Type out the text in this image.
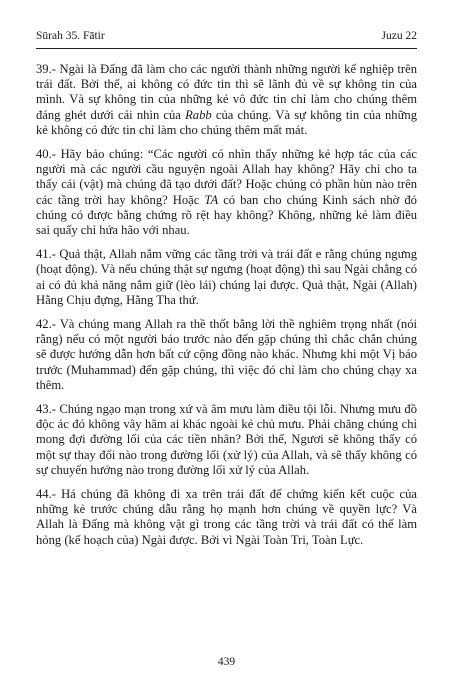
Sūrah 35. Fātir	Juzu 22

39.- Ngài là Đấng đã làm cho các người thành những người kế nghiệp trên trái đất. Bởi thế, ai không có đức tin thì sẽ lãnh đủ về sự không tin của mình. Và sự không tin của những kẻ vô đức tin chỉ làm cho chúng thêm đáng ghét dưới cái nhìn của Rabb của chúng. Và sự không tin của những kẻ không có đức tin chỉ làm cho chúng thêm mất mát.

40.- Hãy bảo chúng: “Các người có nhìn thấy những kẻ hợp tác của các người mà các người cầu nguyện ngoài Allah hay không? Hãy chỉ cho ta thấy cái (vật) mà chúng đã tạo dưới đất? Hoặc chúng có phần hùn nào trên các tầng trời hay không? Hoặc TA có ban cho chúng Kinh sách nhờ đó chúng có được bằng chứng rõ rệt hay không? Không, những kẻ làm điều sai quấy chỉ hứa hão với nhau.

41.- Quả thật, Allah nắm vững các tầng trời và trái đất e rằng chúng ngưng (hoạt động). Và nếu chúng thật sự ngưng (hoạt động) thì sau Ngài chẳng có ai có đủ khả năng nắm giữ (lèo lái) chúng lại được. Quả thật, Ngài (Allah) Hằng Chịu đựng, Hằng Tha thứ.

42.- Và chúng mang Allah ra thề thốt bằng lời thề nghiêm trọng nhất (nói rằng) nếu có một người báo trước nào đến gặp chúng thì chắc chắn chúng sẽ được hướng dẫn hơn bất cứ cộng đồng nào khác. Nhưng khi một Vị báo trước (Muhammad) đến gặp chúng, thì việc đó chỉ làm cho chúng chạy xa thêm.

43.- Chúng ngạo mạn trong xứ và âm mưu làm điều tội lỗi. Nhưng mưu đồ độc ác đó không vây hãm ai khác ngoài kẻ chủ mưu. Phải chăng chúng chỉ mong đợi đường lối của các tiền nhân? Bởi thế, Ngươi sẽ không thấy có một sự thay đổi nào trong đường lối (xử lý) của Allah, và sẽ thấy không có sự chuyển hướng nào trong đường lối xử lý của Allah.

44.- Há chúng đã không đi xa trên trái đất để chứng kiến kết cuộc của những kẻ trước chúng dẫu rằng họ mạnh hơn chúng về quyền lực? Và Allah là Đấng mà không vật gì trong các tầng trời và trái đất có thể làm hỏng (kế hoạch của) Ngài được. Bởi vì Ngài Toàn Tri, Toàn Lực.

439
